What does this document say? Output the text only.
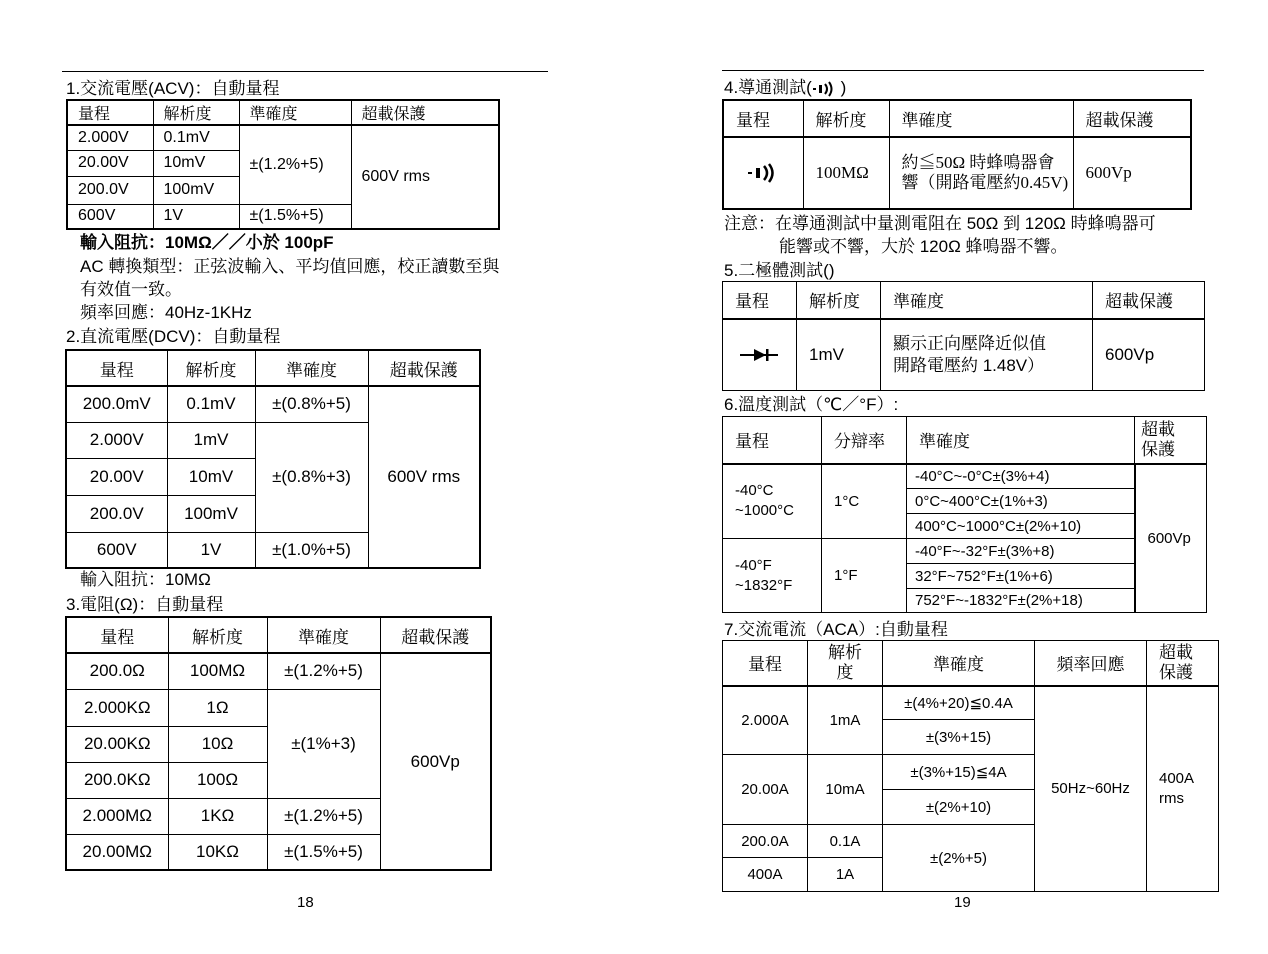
1.交流電壓(ACV)：自動量程
量程	解析度	準確度	超載保護
2.000V	0.1mV	±(1.2%+5)	600V rms
20.00V	10mV		
200.0V	100mV		
600V	1V	±(1.5%+5)	
輸入阻抗：10MΩ／／小於 100pF
AC 轉換類型：正弦波輸入、平均值回應，校正讀數至與
有效值一致。
頻率回應：40Hz-1KHz
2.直流電壓(DCV)：自動量程
量程	解析度	準確度	超載保護
200.0mV	0.1mV	±(0.8%+5)	600V rms
2.000V	1mV	±(0.8%+3)	
20.00V	10mV		
200.0V	100mV		
600V	1V	±(1.0%+5)	
輸入阻抗：10MΩ
3.電阻(Ω)：自動量程
量程	解析度	準確度	超載保護
200.0Ω	100MΩ	±(1.2%+5)	600Vp
2.000KΩ	1Ω	±(1%+3)	
20.00KΩ	10Ω		
200.0KΩ	100Ω		
2.000MΩ	1KΩ	±(1.2%+5)	
20.00MΩ	10KΩ	±(1.5%+5)	
18
4.導通測試( )
量程	解析度	準確度	超載保護
	100MΩ	約≦50Ω 時蜂鳴器會響（開路電壓約0.45V)	600Vp
注意：在導通測試中量測電阻在 50Ω 到 120Ω 時蜂鳴器可
能響或不響，大於 120Ω 蜂鳴器不響。
5.二極體測試()
量程	解析度	準確度	超載保護
	1mV	顯示正向壓降近似值
開路電壓約 1.48V）	600Vp
6.溫度測試（℃／°F）:
量程	分辯率	準確度	超載保護
-40°C ~1000°C	1°C	-40°C~-0°C±(3%+4)	600Vp
		0°C~400°C±(1%+3)	
		400°C~1000°C±(2%+10)	
-40°F ~1832°F	1°F	-40°F~-32°F±(3%+8)	
		32°F~752°F±(1%+6)	
		752°F~-1832°F±(2%+18)	
7.交流電流（ACA）:自動量程
量程	解析度	準確度	頻率回應	超載保護
2.000A	1mA	±(4%+20)≦0.4A	50Hz~60Hz	400A rms
		±(3%+15)		
20.00A	10mA	±(3%+15)≦4A		
		±(2%+10)		
200.0A	0.1A	±(2%+5)		
400A	1A			
19
